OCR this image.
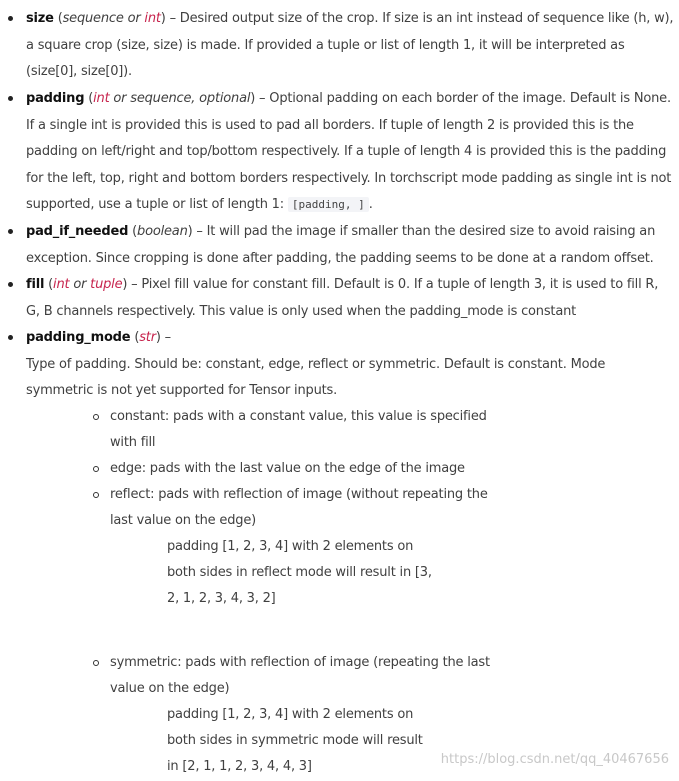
size (sequence or int) – Desired output size of the crop. If size is an int instead of sequence like (h, w), a square crop (size, size) is made. If provided a tuple or list of length 1, it will be interpreted as (size[0], size[0]).
padding (int or sequence, optional) – Optional padding on each border of the image. Default is None. If a single int is provided this is used to pad all borders. If tuple of length 2 is provided this is the padding on left/right and top/bottom respectively. If a tuple of length 4 is provided this is the padding for the left, top, right and bottom borders respectively. In torchscript mode padding as single int is not supported, use a tuple or list of length 1: [padding, ] .
pad_if_needed (boolean) – It will pad the image if smaller than the desired size to avoid raising an exception. Since cropping is done after padding, the padding seems to be done at a random offset.
fill (int or tuple) – Pixel fill value for constant fill. Default is 0. If a tuple of length 3, it is used to fill R, G, B channels respectively. This value is only used when the padding_mode is constant
padding_mode (str) –
Type of padding. Should be: constant, edge, reflect or symmetric. Default is constant. Mode symmetric is not yet supported for Tensor inputs.
constant: pads with a constant value, this value is specified with fill
edge: pads with the last value on the edge of the image
reflect: pads with reflection of image (without repeating the last value on the edge)
padding [1, 2, 3, 4] with 2 elements on both sides in reflect mode will result in [3, 2, 1, 2, 3, 4, 3, 2]
symmetric: pads with reflection of image (repeating the last value on the edge)
padding [1, 2, 3, 4] with 2 elements on both sides in symmetric mode will result in [2, 1, 1, 2, 3, 4, 4, 3]	https://blog.csdn.net/qq_40467656
